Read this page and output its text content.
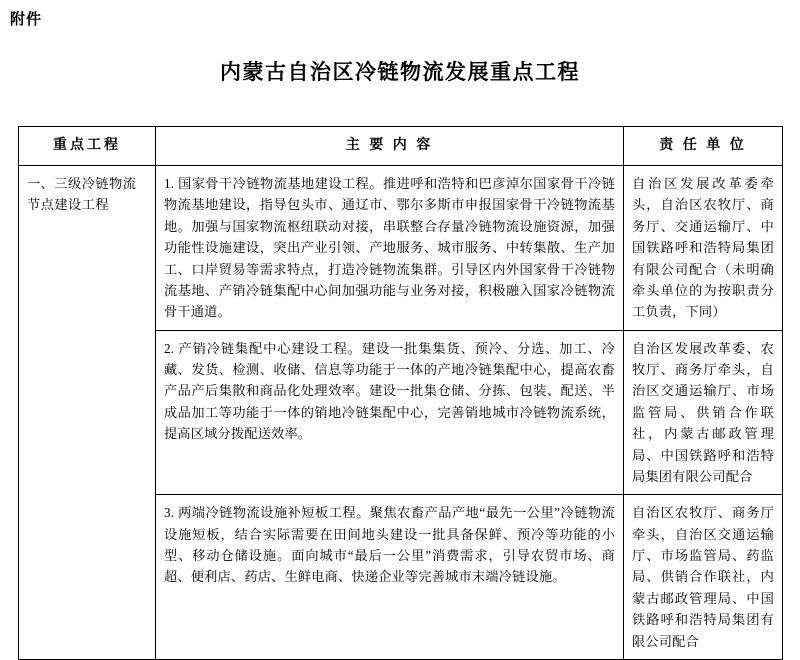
附件
内蒙古自治区冷链物流发展重点工程
重点工程	主 要 内 容	责 任 单 位
一、三级冷链物流节点建设工程	1. 国家骨干冷链物流基地建设工程。推进呼和浩特和巴彦淖尔国家骨干冷链物流基地建设，指导包头市、通辽市、鄂尔多斯市申报国家骨干冷链物流基地。加强与国家物流枢纽联动对接，串联整合存量冷链物流设施资源，加强功能性设施建设，突出产业引领、产地服务、城市服务、中转集散、生产加工、口岸贸易等需求特点，打造冷链物流集群。引导区内外国家骨干冷链物流基地、产销冷链集配中心间加强功能与业务对接，积极融入国家冷链物流骨干通道。	自治区发展改革委牵头，自治区农牧厅、商务厅、交通运输厅、中国铁路呼和浩特局集团有限公司配合（未明确牵头单位的为按职责分工负责，下同）
	2. 产销冷链集配中心建设工程。建设一批集集货、预冷、分选、加工、冷藏、发货、检测、收储、信息等功能于一体的产地冷链集配中心，提高农畜产品产后集散和商品化处理效率。建设一批集仓储、分拣、包装、配送、半成品加工等功能于一体的销地冷链集配中心，完善销地城市冷链物流系统，提高区域分拨配送效率。	自治区发展改革委、农牧厅、商务厅牵头，自治区交通运输厅、市场监管局、供销合作联社，内蒙古邮政管理局、中国铁路呼和浩特局集团有限公司配合
	3. 两端冷链物流设施补短板工程。聚焦农畜产品产地“最先一公里”冷链物流设施短板，结合实际需要在田间地头建设一批具备保鲜、预冷等功能的小型、移动仓储设施。面向城市“最后一公里”消费需求，引导农贸市场、商超、便利店、药店、生鲜电商、快递企业等完善城市末端冷链设施。	自治区农牧厅、商务厅牵头，自治区交通运输厅、市场监管局、药监局、供销合作联社，内蒙古邮政管理局、中国铁路呼和浩特局集团有限公司配合
